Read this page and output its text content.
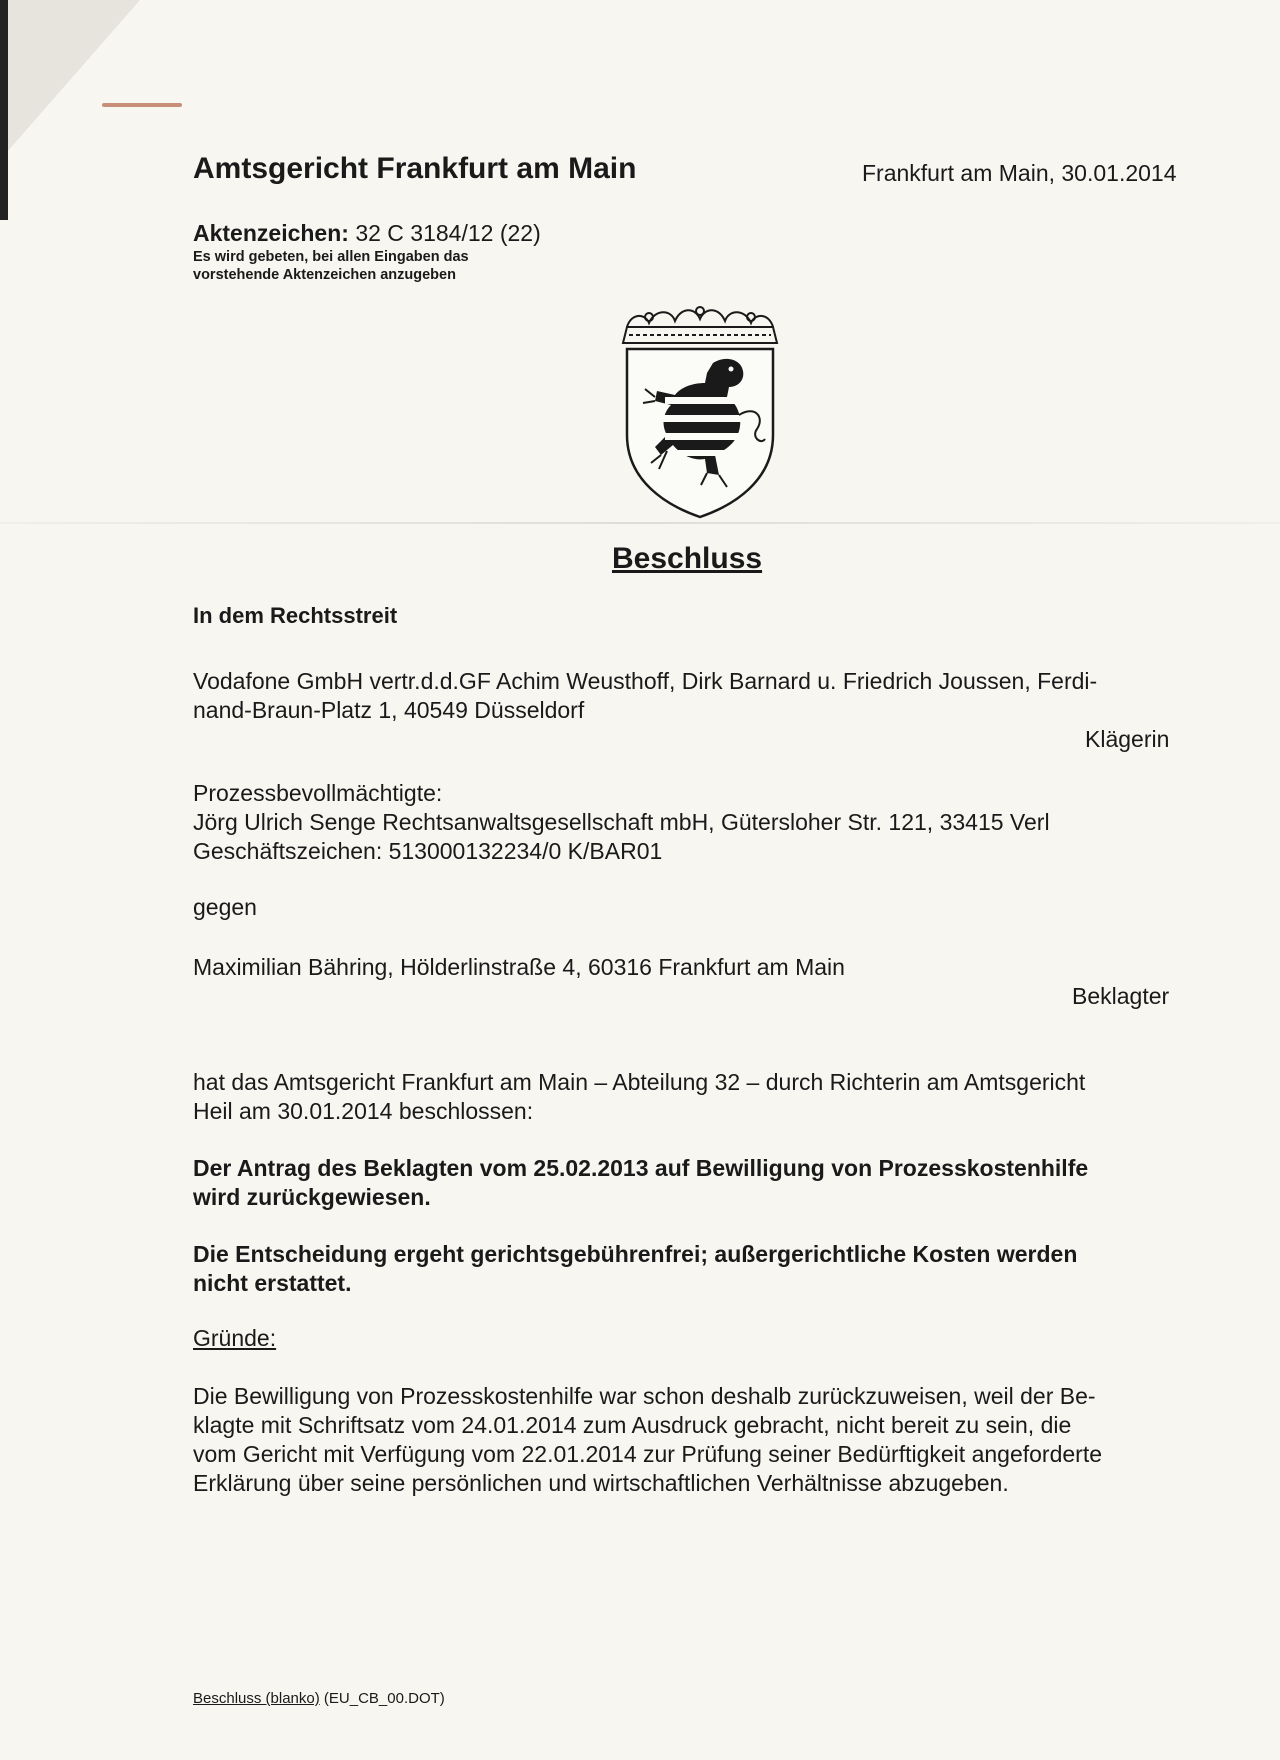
Amtsgericht Frankfurt am Main	Frankfurt am Main, 30.01.2014
Aktenzeichen: 32 C 3184/12 (22)
Es wird gebeten, bei allen Eingaben das
vorstehende Aktenzeichen anzugeben
Beschluss
In dem Rechtsstreit
Vodafone GmbH vertr.d.d.GF Achim Weusthoff, Dirk Barnard u. Friedrich Joussen, Ferdi-
nand-Braun-Platz 1, 40549 Düsseldorf
Klägerin
Prozessbevollmächtigte:
Jörg Ulrich Senge Rechtsanwaltsgesellschaft mbH, Gütersloher Str. 121, 33415 Verl
Geschäftszeichen: 513000132234/0 K/BAR01
gegen
Maximilian Bähring, Hölderlinstraße 4, 60316 Frankfurt am Main
Beklagter
hat das Amtsgericht Frankfurt am Main – Abteilung 32 – durch Richterin am Amtsgericht
Heil am 30.01.2014 beschlossen:
Der Antrag des Beklagten vom 25.02.2013 auf Bewilligung von Prozesskostenhilfe
wird zurückgewiesen.
Die Entscheidung ergeht gerichtsgebührenfrei; außergerichtliche Kosten werden
nicht erstattet.
Gründe:
Die Bewilligung von Prozesskostenhilfe war schon deshalb zurückzuweisen, weil der Be-
klagte mit Schriftsatz vom 24.01.2014 zum Ausdruck gebracht, nicht bereit zu sein, die
vom Gericht mit Verfügung vom 22.01.2014 zur Prüfung seiner Bedürftigkeit angeforderte
Erklärung über seine persönlichen und wirtschaftlichen Verhältnisse abzugeben.
Beschluss (blanko) (EU_CB_00.DOT)
